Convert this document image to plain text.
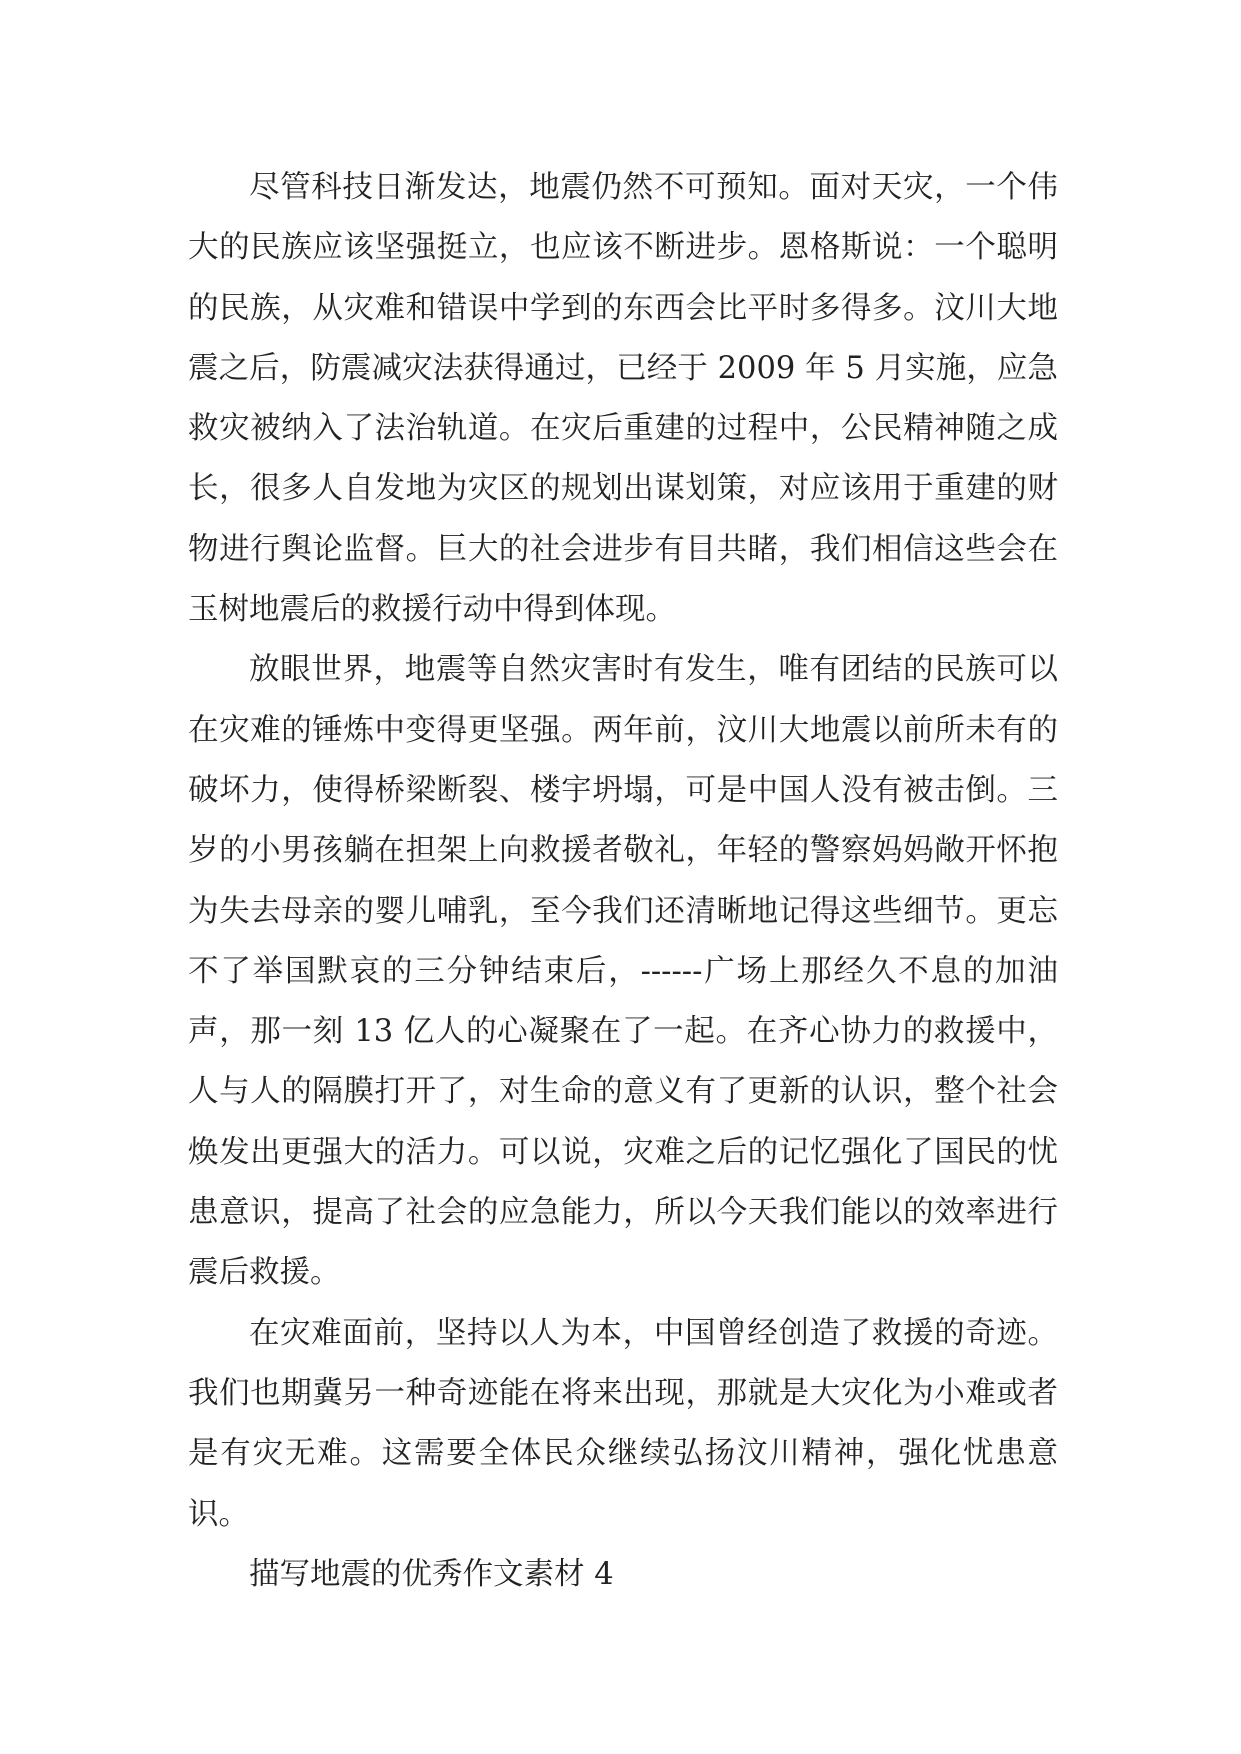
尽管科技日渐发达，地震仍然不可预知。面对天灾，一个伟大的民族应该坚强挺立，也应该不断进步。恩格斯说：一个聪明的民族，从灾难和错误中学到的东西会比平时多得多。汶川大地震之后，防震减灾法获得通过，已经于 2009 年 5 月实施，应急救灾被纳入了法治轨道。在灾后重建的过程中，公民精神随之成长，很多人自发地为灾区的规划出谋划策，对应该用于重建的财物进行舆论监督。巨大的社会进步有目共睹，我们相信这些会在玉树地震后的救援行动中得到体现。

放眼世界，地震等自然灾害时有发生，唯有团结的民族可以在灾难的锤炼中变得更坚强。两年前，汶川大地震以前所未有的破坏力，使得桥梁断裂、楼宇坍塌，可是中国人没有被击倒。三岁的小男孩躺在担架上向救援者敬礼，年轻的警察妈妈敞开怀抱为失去母亲的婴儿哺乳，至今我们还清晰地记得这些细节。更忘不了举国默哀的三分钟结束后，------广场上那经久不息的加油声，那一刻 13 亿人的心凝聚在了一起。在齐心协力的救援中，人与人的隔膜打开了，对生命的意义有了更新的认识，整个社会焕发出更强大的活力。可以说，灾难之后的记忆强化了国民的忧患意识，提高了社会的应急能力，所以今天我们能以的效率进行震后救援。

在灾难面前，坚持以人为本，中国曾经创造了救援的奇迹。我们也期冀另一种奇迹能在将来出现，那就是大灾化为小难或者是有灾无难。这需要全体民众继续弘扬汶川精神，强化忧患意识。

描写地震的优秀作文素材 4
